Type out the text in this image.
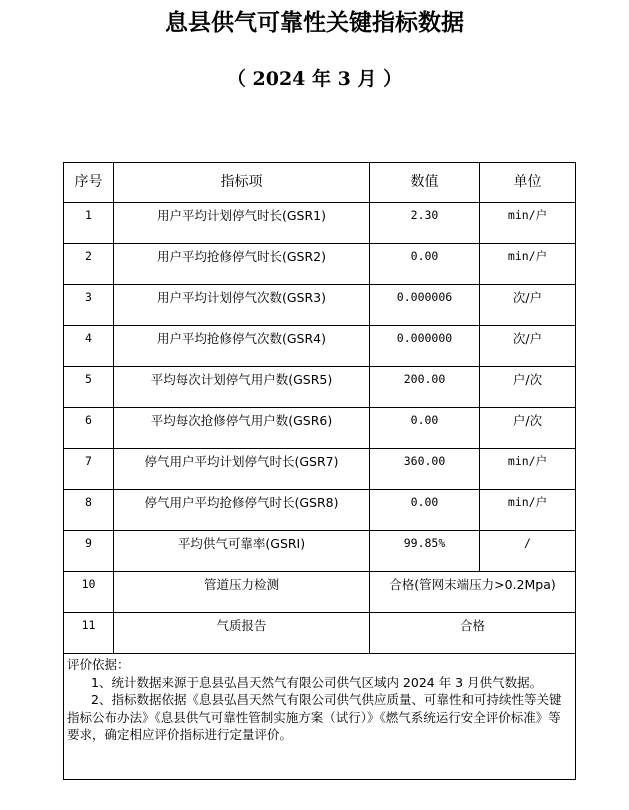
息县供气可靠性关键指标数据
（ 2024 年 3 月 ）
序号	指标项	数值	单位
1	用户平均计划停气时长(GSR1)	2.30	min/户
2	用户平均抢修停气时长(GSR2)	0.00	min/户
3	用户平均计划停气次数(GSR3)	0.000006	次/户
4	用户平均抢修停气次数(GSR4)	0.000000	次/户
5	平均每次计划停气用户数(GSR5)	200.00	户/次
6	平均每次抢修停气用户数(GSR6)	0.00	户/次
7	停气用户平均计划停气时长(GSR7)	360.00	min/户
8	停气用户平均抢修停气时长(GSR8)	0.00	min/户
9	平均供气可靠率(GSRI)	99.85%	/
10	管道压力检测	合格(管网末端压力>0.2Mpa)	
11	气质报告	合格	

评价依据：

1、统计数据来源于息县弘昌天然气有限公司供气区域内 2024 年 3 月供气数据。

2、指标数据依据《息县弘昌天然气有限公司供气供应质量、可靠性和可持续性等关键指标公布办法》《息县供气可靠性管制实施方案（试行）》《燃气系统运行安全评价标准》等要求，确定相应评价指标进行定量评价。			
